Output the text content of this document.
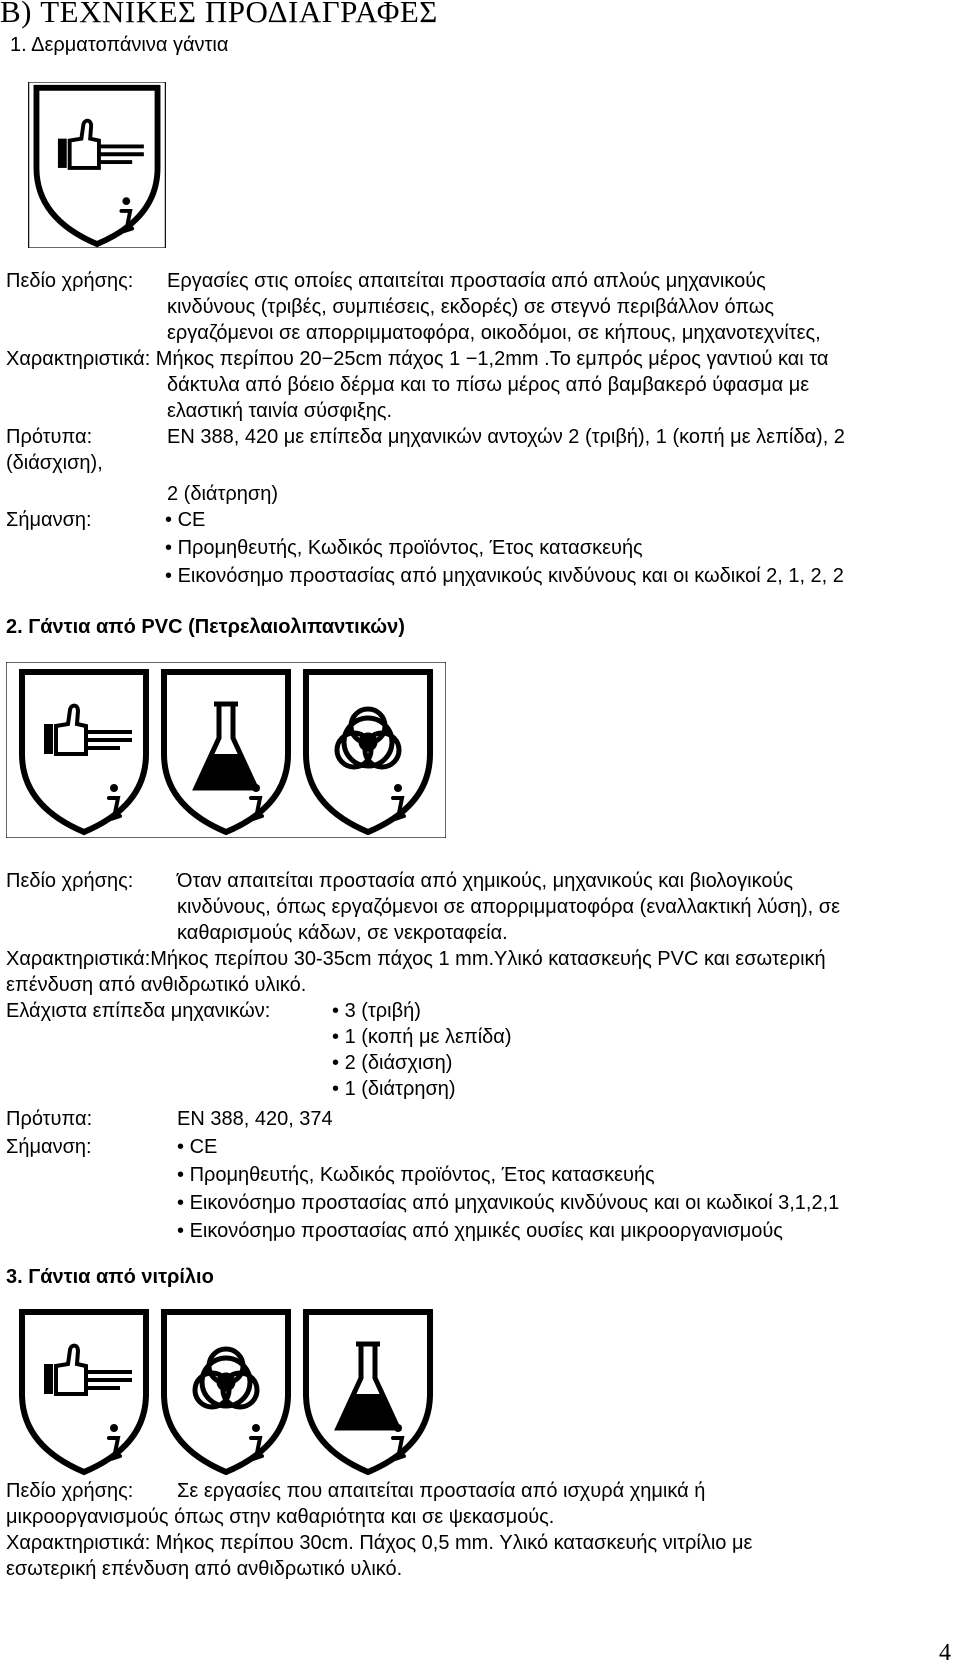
B) ΤΕΧΝΙΚΕΣ ΠΡΟΔΙΑΓΡΑΦΕΣ
1. Δερματοπάνινα γάντια
Πεδίο χρήσης: Εργασίες στις οποίες απαιτείται προστασία από απλούς μηχανικούς
κινδύνους (τριβές, συμπιέσεις, εκδορές) σε στεγνό περιβάλλον όπως
εργαζόμενοι σε απορριμματοφόρα, οικοδόμοι, σε κήπους, μηχανοτεχνίτες,
Χαρακτηριστικά: Μήκος περίπου 20−25cm πάχος 1 −1,2mm .Το εμπρός μέρος γαντιού και τα
δάκτυλα από βόειο δέρμα και το πίσω μέρος από βαμβακερό ύφασμα με
ελαστική ταινία σύσφιξης.
Πρότυπα:	EN 388, 420 με επίπεδα μηχανικών αντοχών 2 (τριβή), 1 (κοπή με λεπίδα), 2
(διάσχιση),
2 (διάτρηση)
Σήμανση:	• CE
• Προμηθευτής, Κωδικός προϊόντος, Έτος κατασκευής
• Εικονόσημο προστασίας από μηχανικούς κινδύνους και οι κωδικοί 2, 1, 2, 2
2. Γάντια από PVC (Πετρελαιολιπαντικών)
Πεδίο χρήσης: Όταν απαιτείται προστασία από χημικούς, μηχανικούς και βιολογικούς
κινδύνους, όπως εργαζόμενοι σε απορριμματοφόρα (εναλλακτική λύση), σε
καθαρισμούς κάδων, σε νεκροταφεία.
Χαρακτηριστικά:Μήκος περίπου 30-35cm πάχος 1 mm.Υλικό κατασκευής PVC και εσωτερική
επένδυση από ανθιδρωτικό υλικό.
Ελάχιστα επίπεδα μηχανικών:	• 3 (τριβή)
• 1 (κοπή με λεπίδα)
• 2 (διάσχιση)
• 1 (διάτρηση)
Πρότυπα:	EN 388, 420, 374
Σήμανση:	• CE
• Προμηθευτής, Κωδικός προϊόντος, Έτος κατασκευής
• Εικονόσημο προστασίας από μηχανικούς κινδύνους και οι κωδικοί 3,1,2,1
• Εικονόσημο προστασίας από χημικές ουσίες και μικροοργανισμούς
3. Γάντια από νιτρίλιο
Πεδίο χρήσης: Σε εργασίες που απαιτείται προστασία από ισχυρά χημικά ή
μικροοργανισμούς όπως στην καθαριότητα και σε ψεκασμούς.
Χαρακτηριστικά: Μήκος περίπου 30cm. Πάχος 0,5 mm. Υλικό κατασκευής νιτρίλιο με
εσωτερική επένδυση από ανθιδρωτικό υλικό.
4
